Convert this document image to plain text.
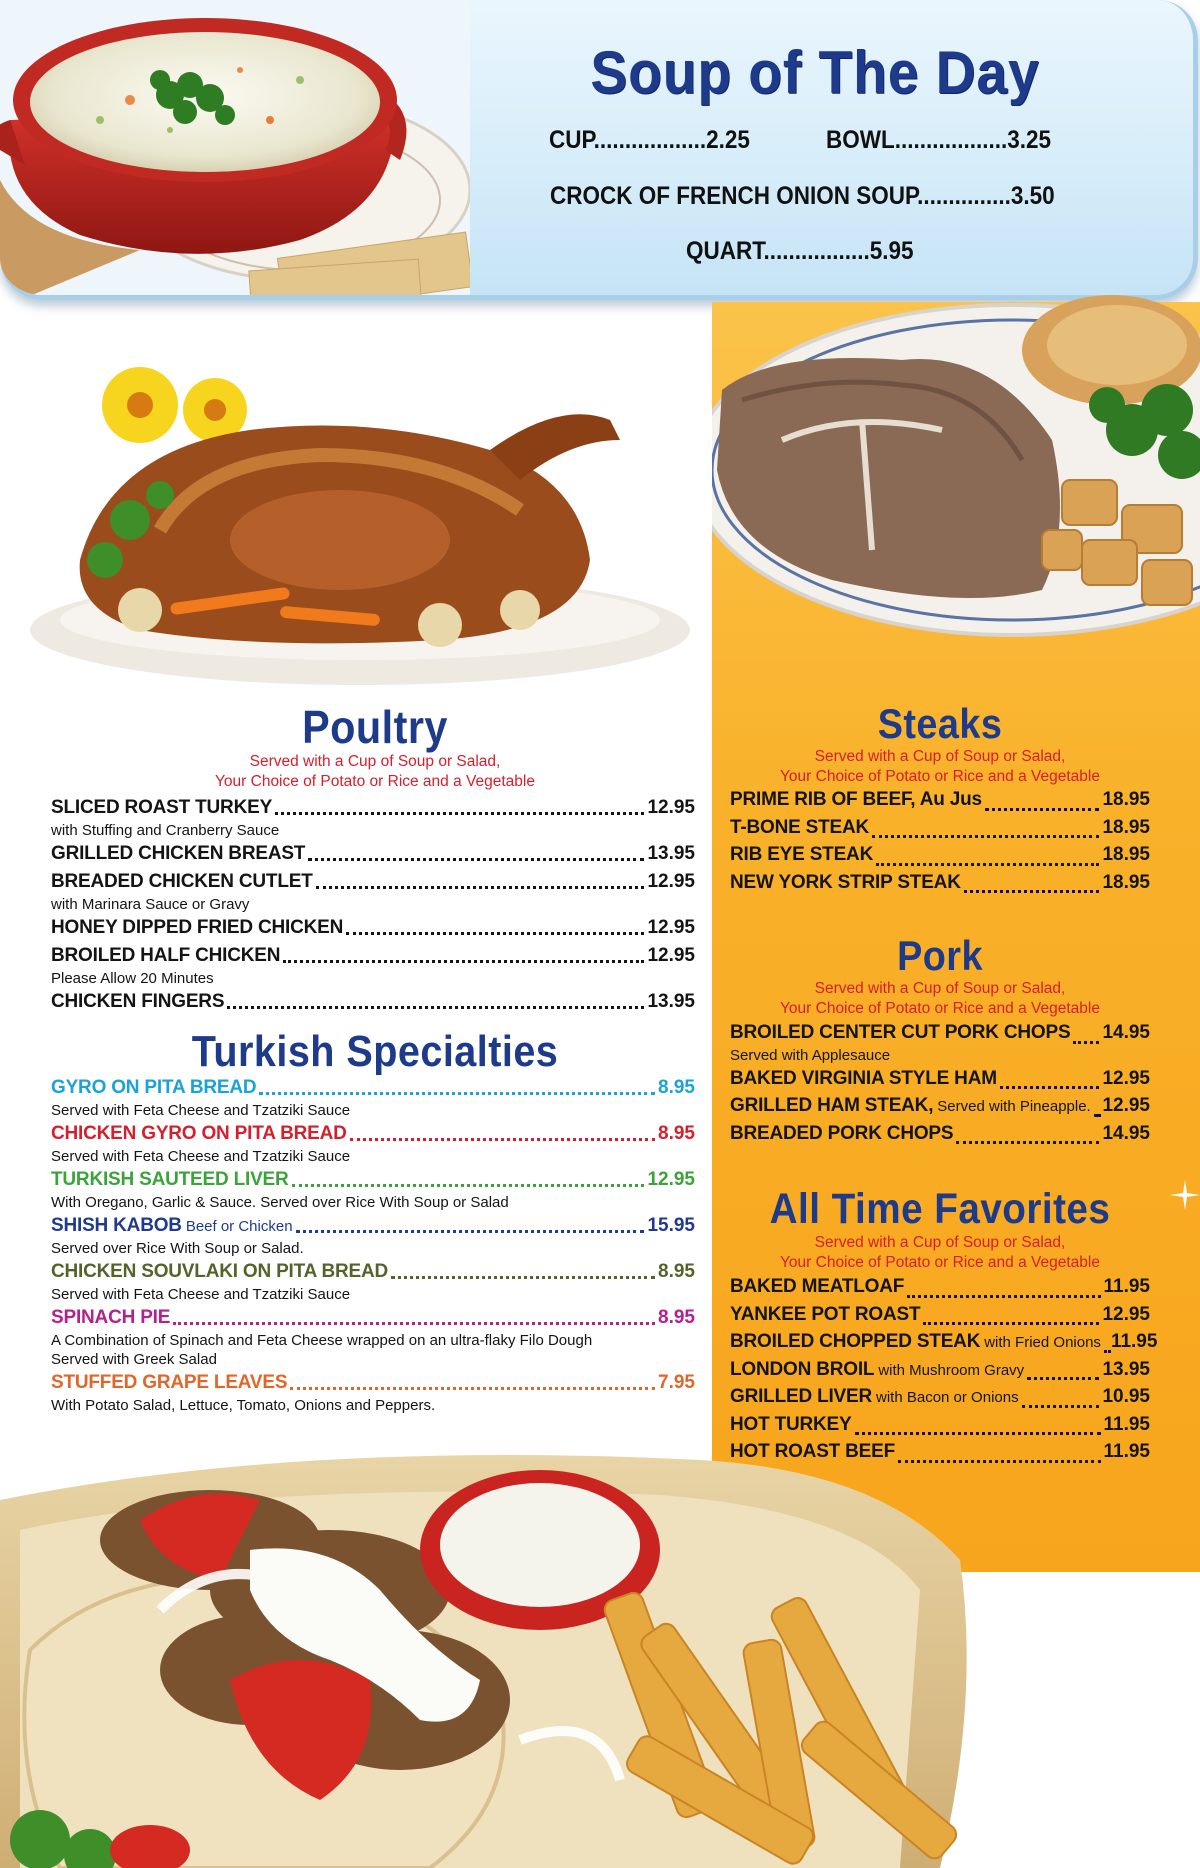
Soup of The Day
CUP..................2.25	BOWL..................3.25
CROCK OF FRENCH ONION SOUP...............3.50
QUART.................5.95
Poultry
Served with a Cup of Soup or Salad,
Your Choice of Potato or Rice and a Vegetable
SLICED ROAST TURKEY	12.95
with Stuffing and Cranberry Sauce
GRILLED CHICKEN BREAST	13.95
BREADED CHICKEN CUTLET	12.95
with Marinara Sauce or Gravy
HONEY DIPPED FRIED CHICKEN	12.95
BROILED HALF CHICKEN	12.95
Please Allow 20 Minutes
CHICKEN FINGERS	13.95
Turkish Specialties
GYRO ON PITA BREAD	8.95
Served with Feta Cheese and Tzatziki Sauce
CHICKEN GYRO ON PITA BREAD	8.95
Served with Feta Cheese and Tzatziki Sauce
TURKISH SAUTEED LIVER	12.95
With Oregano, Garlic & Sauce. Served over Rice With Soup or Salad
SHISH KABOB Beef or Chicken	15.95
Served over Rice With Soup or Salad.
CHICKEN SOUVLAKI ON PITA BREAD	8.95
Served with Feta Cheese and Tzatziki Sauce
SPINACH PIE	8.95
A Combination of Spinach and Feta Cheese wrapped on an ultra-flaky Filo Dough
Served with Greek Salad
STUFFED GRAPE LEAVES	7.95
With Potato Salad, Lettuce, Tomato, Onions and Peppers.
Steaks
Served with a Cup of Soup or Salad,
Your Choice of Potato or Rice and a Vegetable
PRIME RIB OF BEEF, Au Jus	18.95
T-BONE STEAK	18.95
RIB EYE STEAK	18.95
NEW YORK STRIP STEAK	18.95
Pork
Served with a Cup of Soup or Salad,
Your Choice of Potato or Rice and a Vegetable
BROILED CENTER CUT PORK CHOPS 14.95
Served with Applesauce
BAKED VIRGINIA STYLE HAM	12.95
GRILLED HAM STEAK, Served with Pineapple. 12.95
BREADED PORK CHOPS	14.95
All Time Favorites
Served with a Cup of Soup or Salad,
Your Choice of Potato or Rice and a Vegetable
BAKED MEATLOAF	11.95
YANKEE POT ROAST	12.95
BROILED CHOPPED STEAK with Fried Onions 11.95
LONDON BROIL with Mushroom Gravy	13.95
GRILLED LIVER with Bacon or Onions	10.95
HOT TURKEY	11.95
HOT ROAST BEEF	11.95
